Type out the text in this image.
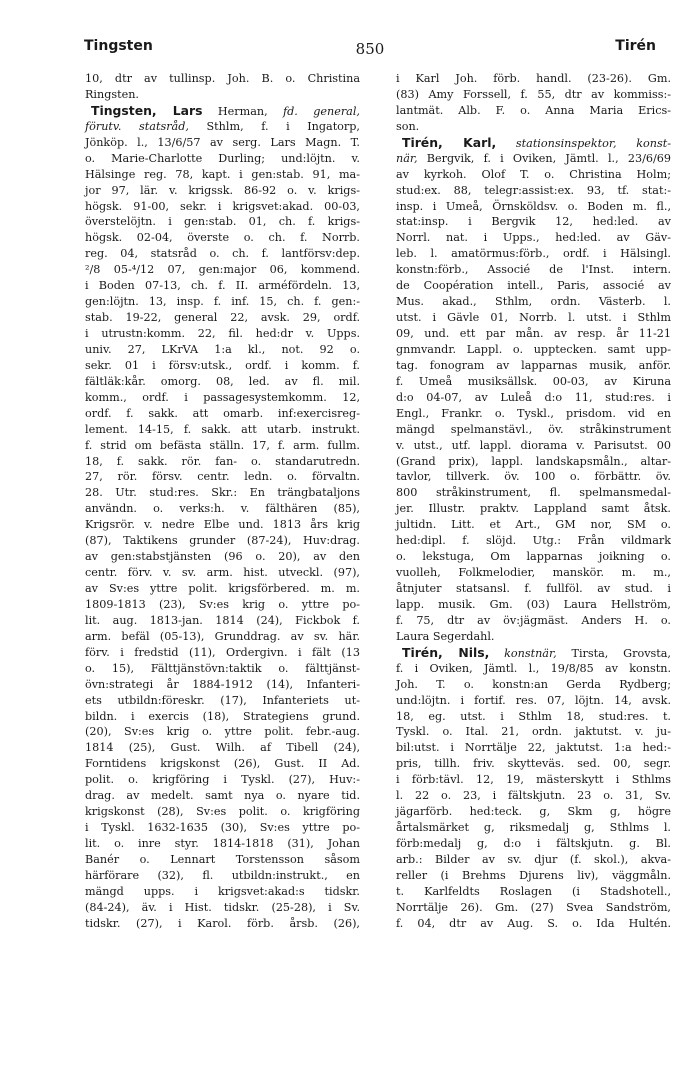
Tingsten	850	Tirén
10, dtr av tullinsp. Joh. B. o. Christina
Ringsten.
Tingsten, Lars Herman, fd. general,
förutv. statsråd, Sthlm, f. i Ingatorp,
Jönköp. l., 13/6/57 av serg. Lars Magn. T.
o. Marie-Charlotte Durling; und:löjtn. v.
Hälsinge reg. 78, kapt. i gen:stab. 91, ma-
jor 97, lär. v. krigssk. 86-92 o. v. krigs-
högsk. 91-00, sekr. i krigsvet:akad. 00-03,
överstelöjtn. i gen:stab. 01, ch. f. krigs-
högsk. 02-04, överste o. ch. f. Norrb.
reg. 04, statsråd o. ch. f. lantförsv:dep.
²/8 05-⁴/12 07, gen:major 06, kommend.
i Boden 07-13, ch. f. II. arméfördeln. 13,
gen:löjtn. 13, insp. f. inf. 15, ch. f. gen:-
stab. 19-22, general 22, avsk. 29, ordf.
i utrustn:komm. 22, fil. hed:dr v. Upps.
univ. 27, LKrVA 1:a kl., not. 92 o.
sekr. 01 i försv:utsk., ordf. i komm. f.
fältläk:kår. omorg. 08, led. av fl. mil.
komm., ordf. i passagesystemkomm. 12,
ordf. f. sakk. att omarb. inf:exercisreg-
lement. 14-15, f. sakk. att utarb. instrukt.
f. strid om befästa ställn. 17, f. arm. fullm.
18, f. sakk. rör. fan- o. standarutredn.
27, rör. försv. centr. ledn. o. förvaltn.
28. Utr. stud:res. Skr.: En trängbataljons
användn. o. verks:h. v. fälthären (85),
Krigsrör. v. nedre Elbe und. 1813 års krig
(87), Taktikens grunder (87-24), Huv:drag.
av gen:stabstjänsten (96 o. 20), av den
centr. förv. v. sv. arm. hist. utveckl. (97),
av Sv:es yttre polit. krigsförbered. m. m.
1809-1813 (23), Sv:es krig o. yttre po-
lit. aug. 1813-jan. 1814 (24), Fickbok f.
arm. befäl (05-13), Grunddrag. av sv. här.
förv. i fredstid (11), Ordergivn. i fält (13
o. 15), Fälttjänstövn:taktik o. fälttjänst-
övn:strategi år 1884-1912 (14), Infanteri-
ets utbildn:föreskr. (17), Infanteriets ut-
bildn. i exercis (18), Strategiens grund.
(20), Sv:es krig o. yttre polit. febr.-aug.
1814 (25), Gust. Wilh. af Tibell (24),
Forntidens krigskonst (26), Gust. II Ad.
polit. o. krigföring i Tyskl. (27), Huv:-
drag. av medelt. samt nya o. nyare tid.
krigskonst (28), Sv:es polit. o. krigföring
i Tyskl. 1632-1635 (30), Sv:es yttre po-
lit. o. inre styr. 1814-1818 (31), Johan
Banér o. Lennart Torstensson såsom
härförare (32), fl. utbildn:instrukt., en
mängd upps. i krigsvet:akad:s tidskr.
(84-24), äv. i Hist. tidskr. (25-28), i Sv.
tidskr. (27), i Karol. förb. årsb. (26),
i Karl Joh. förb. handl. (23-26). Gm.
(83) Amy Forssell, f. 55, dtr av kommiss:-
lantmät. Alb. F. o. Anna Maria Erics-
son.
Tirén, Karl, stationsinspektor, konst-
när, Bergvik, f. i Oviken, Jämtl. l., 23/6/69
av kyrkoh. Olof T. o. Christina Holm;
stud:ex. 88, telegr:assist:ex. 93, tf. stat:-
insp. i Umeå, Örnsköldsv. o. Boden m. fl.,
stat:insp. i Bergvik 12, hed:led. av
Norrl. nat. i Upps., hed:led. av Gäv-
leb. l. amatörmus:förb., ordf. i Hälsingl.
konstn:förb., Associé de l'Inst. intern.
de Coopération intell., Paris, associé av
Mus. akad., Sthlm, ordn. Västerb. l.
utst. i Gävle 01, Norrb. l. utst. i Sthlm
09, und. ett par mån. av resp. år 11-21
gnmvandr. Lappl. o. upptecken. samt upp-
tag. fonogram av lapparnas musik, anför.
f. Umeå musiksällsk. 00-03, av Kiruna
d:o 04-07, av Luleå d:o 11, stud:res. i
Engl., Frankr. o. Tyskl., prisdom. vid en
mängd spelmanstävl., öv. stråkinstrument
v. utst., utf. lappl. diorama v. Parisutst. 00
(Grand prix), lappl. landskapsmåln., altar-
tavlor, tillverk. öv. 100 o. förbättr. öv.
800 stråkinstrument, fl. spelmansmedal-
jer. Illustr. praktv. Lappland samt åtsk.
jultidn. Litt. et Art., GM nor, SM o.
hed:dipl. f. slöjd. Utg.: Från vildmark
o. lekstuga, Om lapparnas joikning o.
vuolleh, Folkmelodier, manskör. m. m.,
åtnjuter statsansl. f. fullföl. av stud. i
lapp. musik. Gm. (03) Laura Hellström,
f. 75, dtr av öv:jägmäst. Anders H. o.
Laura Segerdahl.
Tirén, Nils, konstnär, Tirsta, Grovsta,
f. i Oviken, Jämtl. l., 19/8/85 av konstn.
Joh. T. o. konstn:an Gerda Rydberg;
und:löjtn. i fortif. res. 07, löjtn. 14, avsk.
18, eg. utst. i Sthlm 18, stud:res. t.
Tyskl. o. Ital. 21, ordn. jaktutst. v. ju-
bil:utst. i Norrtälje 22, jaktutst. 1:a hed:-
pris, tillh. friv. skytteväs. sed. 00, segr.
i förb:tävl. 12, 19, mästerskytt i Sthlms
l. 22 o. 23, i fältskjutn. 23 o. 31, Sv.
jägarförb. hed:teck. g, Skm g, högre
årtalsmärket g, riksmedalj g, Sthlms l.
förb:medalj g, d:o i fältskjutn. g. Bl.
arb.: Bilder av sv. djur (f. skol.), akva-
reller (i Brehms Djurens liv), väggmåln.
t. Karlfeldts Roslagen (i Stadshotell.,
Norrtälje 26). Gm. (27) Svea Sandström,
f. 04, dtr av Aug. S. o. Ida Hultén.
